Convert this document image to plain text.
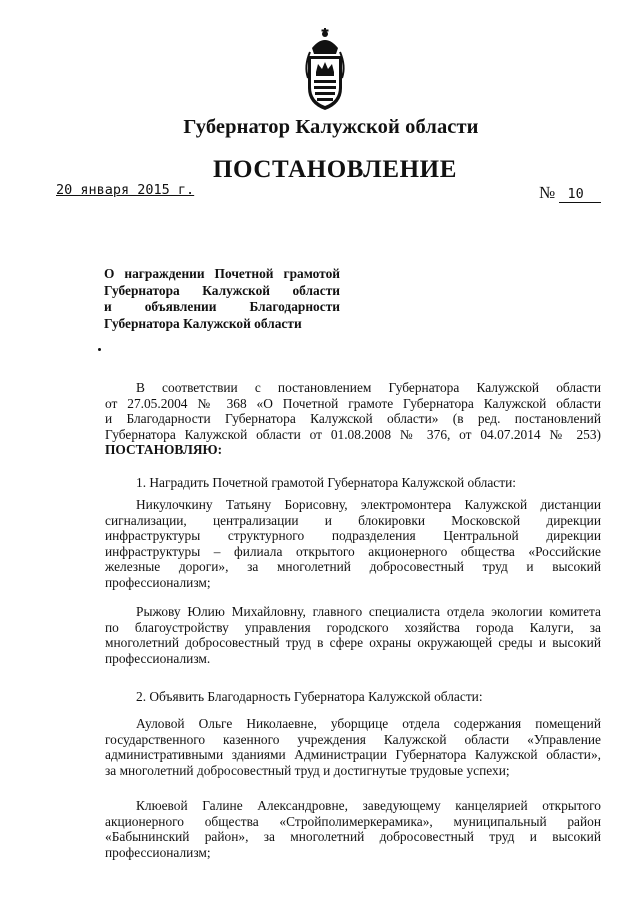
Губернатор Калужской области
ПОСТАНОВЛЕНИЕ
20 января 2015 г.	№ 10
О награждении Почетной грамотой
Губернатора Калужской области
и объявлении Благодарности
Губернатора Калужской области
В соответствии с постановлением Губернатора Калужской области
от 27.05.2004 № 368 «О Почетной грамоте Губернатора Калужской области
и Благодарности Губернатора Калужской области» (в ред. постановлений
Губернатора Калужской области от 01.08.2008 № 376, от 04.07.2014 № 253)
ПОСТАНОВЛЯЮ:
1. Наградить Почетной грамотой Губернатора Калужской области:
Никулочкину Татьяну Борисовну, электромонтера Калужской дистанции
сигнализации, централизации и блокировки Московской дирекции
инфраструктуры структурного подразделения Центральной дирекции
инфраструктуры – филиала открытого акционерного общества «Российские
железные дороги», за многолетний добросовестный труд и высокий
профессионализм;
Рыжову Юлию Михайловну, главного специалиста отдела экологии комитета
по благоустройству управления городского хозяйства города Калуги, за
многолетний добросовестный труд в сфере охраны окружающей среды и высокий
профессионализм.
2. Объявить Благодарность Губернатора Калужской области:
Ауловой Ольге Николаевне, уборщице отдела содержания помещений
государственного казенного учреждения Калужской области «Управление
административными зданиями Администрации Губернатора Калужской области»,
за многолетний добросовестный труд и достигнутые трудовые успехи;
Клюевой Галине Александровне, заведующему канцелярией открытого
акционерного общества «Стройполимеркерамика», муниципальный район
«Бабынинский район», за многолетний добросовестный труд и высокий
профессионализм;
